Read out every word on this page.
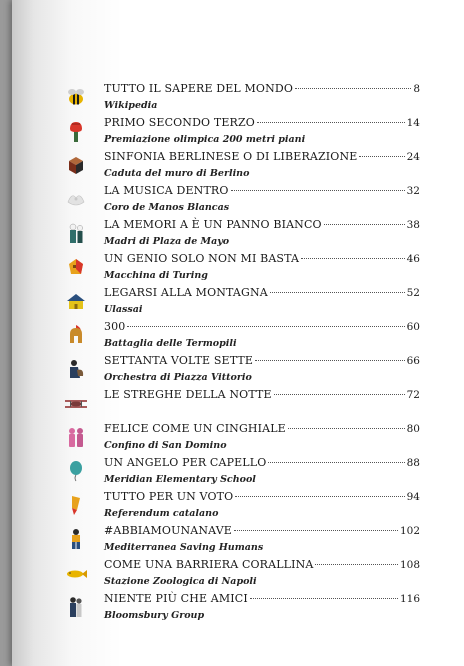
TUTTO IL SAPERE DEL MONDO	8
Wikipedia
PRIMO SECONDO TERZO	14
Premiazione olimpica 200 metri piani
SINFONIA BERLINESE O DI LIBERAZIONE	24
Caduta del muro di Berlino
LA MUSICA DENTRO	32
Coro de Manos Blancas
LA MEMORI A È UN PANNO BIANCO	38
Madri di Plaza de Mayo
UN GENIO SOLO NON MI BASTA	46
Macchina di Turing
LEGARSI ALLA MONTAGNA	52
Ulassai
300	60
Battaglia delle Termopili
SETTANTA VOLTE SETTE	66
Orchestra di Piazza Vittorio
LE STREGHE DELLA NOTTE	72
FELICE COME UN CINGHIALE	80
Confino di San Domino
UN ANGELO PER CAPELLO	88
Meridian Elementary School
TUTTO PER UN VOTO	94
Referendum catalano
#ABBIAMOUNANAVE	102
Mediterranea Saving Humans
COME UNA BARRIERA CORALLINA	108
Stazione Zoologica di Napoli
NIENTE PIÙ CHE AMICI	116
Bloomsbury Group
